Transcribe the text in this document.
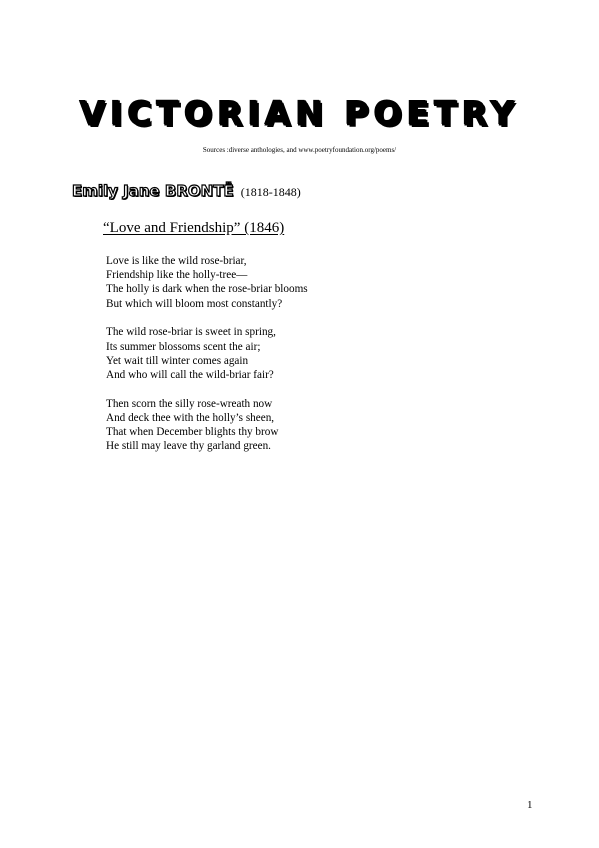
VICTORIAN POETRY
Sources :diverse anthologies, and www.poetryfoundation.org/poems/
Emily Jane BRONTË (1818-1848)
“Love and Friendship” (1846)
Love is like the wild rose-briar,
Friendship like the holly-tree—
The holly is dark when the rose-briar blooms
But which will bloom most constantly?
The wild rose-briar is sweet in spring,
Its summer blossoms scent the air;
Yet wait till winter comes again
And who will call the wild-briar fair?
Then scorn the silly rose-wreath now
And deck thee with the holly’s sheen,
That when December blights thy brow
He still may leave thy garland green.
1
